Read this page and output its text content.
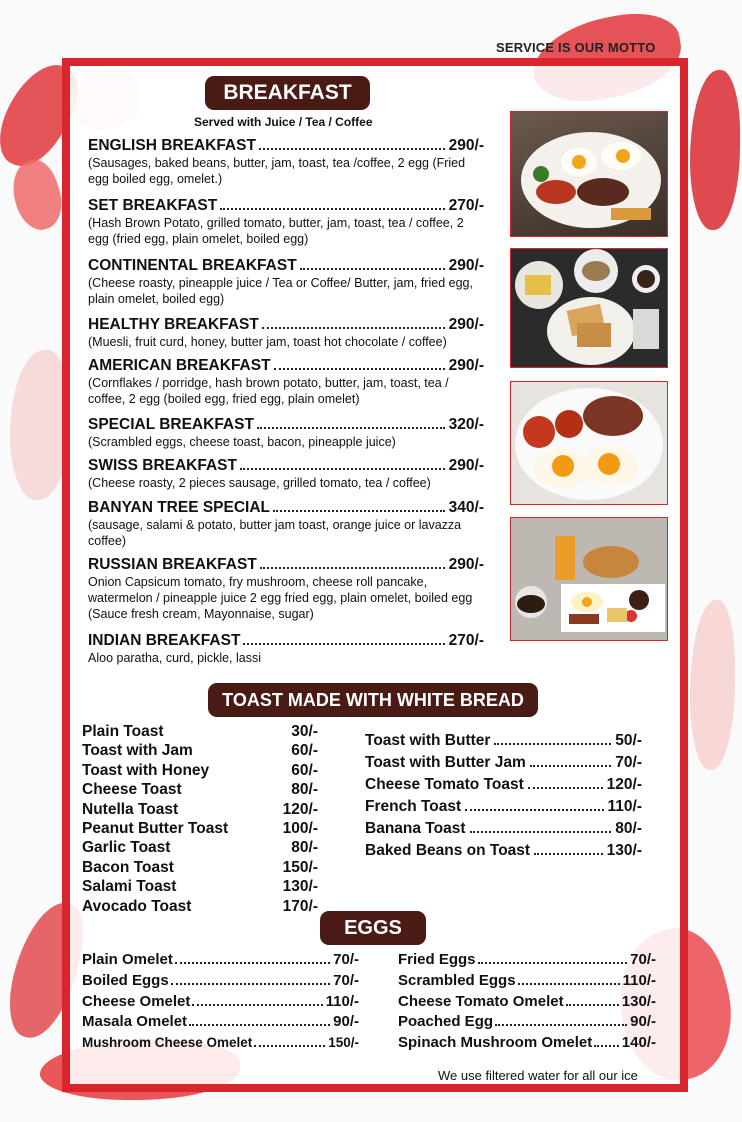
SERVICE IS OUR MOTTO
BREAKFAST
Served with Juice / Tea / Coffee
ENGLISH BREAKFAST	290/-
(Sausages, baked beans, butter, jam, toast, tea /coffee, 2 egg (Fried egg boiled egg, omelet.)
SET BREAKFAST	270/-
(Hash Brown Potato, grilled tomato, butter, jam, toast, tea / coffee, 2 egg (fried egg, plain omelet, boiled egg)
CONTINENTAL BREAKFAST	290/-
(Cheese roasty, pineapple juice / Tea or Coffee/ Butter, jam, fried egg, plain omelet, boiled egg)
HEALTHY BREAKFAST	290/-
(Muesli, fruit curd, honey, butter jam, toast hot chocolate / coffee)
AMERICAN BREAKFAST	290/-
(Cornflakes / porridge, hash brown potato, butter, jam, toast, tea / coffee, 2 egg (boiled egg, fried egg, plain omelet)
SPECIAL BREAKFAST	320/-
(Scrambled eggs, cheese toast, bacon, pineapple juice)
SWISS BREAKFAST	290/-
(Cheese roasty, 2 pieces sausage, grilled tomato, tea / coffee)
BANYAN TREE SPECIAL	340/-
(sausage, salami & potato, butter jam toast, orange juice or lavazza coffee)
RUSSIAN BREAKFAST	290/-
Onion Capsicum tomato, fry mushroom, cheese roll pancake, watermelon / pineapple juice 2 egg fried egg, plain omelet, boiled egg (Sauce fresh cream, Mayonnaise, sugar)
INDIAN BREAKFAST	270/-
Aloo paratha, curd, pickle, lassi
TOAST MADE WITH WHITE BREAD
Plain Toast	30/-
Toast with Jam	60/-
Toast with Honey	60/-
Cheese Toast	80/-
Nutella Toast	120/-
Peanut Butter Toast	100/-
Garlic Toast	80/-
Bacon Toast	150/-
Salami Toast	130/-
Avocado Toast	170/-
Toast with Butter	50/-
Toast with Butter Jam	70/-
Cheese Tomato Toast	120/-
French Toast	110/-
Banana Toast	80/-
Baked Beans on Toast	130/-
EGGS
Plain Omelet	70/-
Boiled Eggs	70/-
Cheese Omelet	110/-
Masala Omelet	90/-
Mushroom Cheese Omelet	150/-
Fried Eggs	70/-
Scrambled Eggs	110/-
Cheese Tomato Omelet	130/-
Poached Egg	90/-
Spinach Mushroom Omelet 140/-
We use filtered water for all our ice
